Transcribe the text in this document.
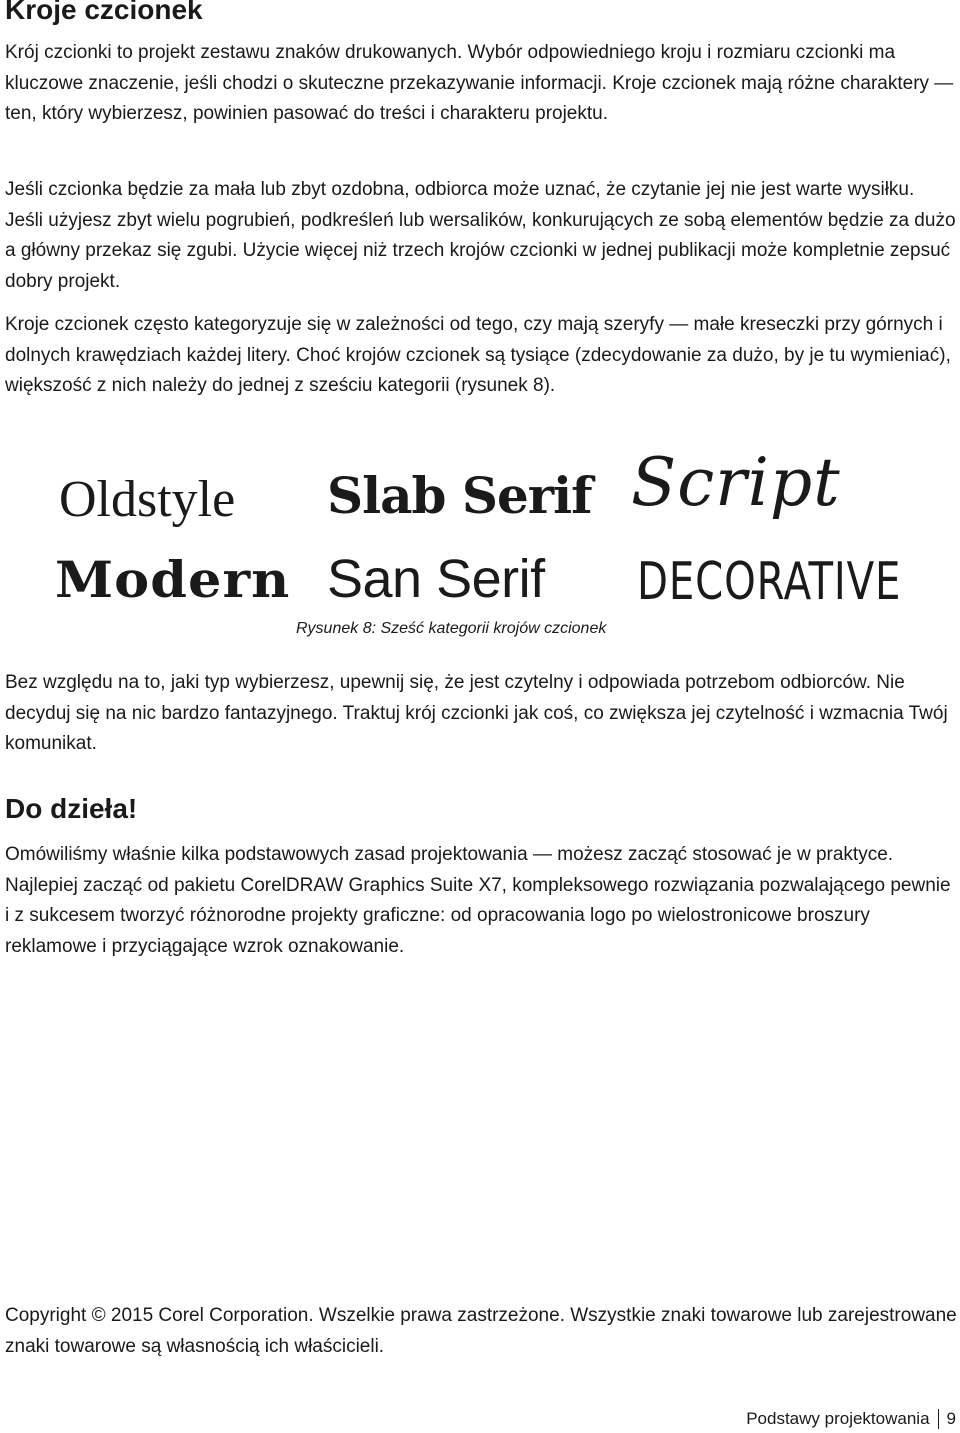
Kroje czcionek

Krój czcionki to projekt zestawu znaków drukowanych. Wybór odpowiedniego kroju i rozmiaru czcionki ma kluczowe znaczenie, jeśli chodzi o skuteczne przekazywanie informacji. Kroje czcionek mają różne charaktery — ten, który wybierzesz, powinien pasować do treści i charakteru projektu.

Jeśli czcionka będzie za mała lub zbyt ozdobna, odbiorca może uznać, że czytanie jej nie jest warte wysiłku. Jeśli użyjesz zbyt wielu pogrubień, podkreśleń lub wersalików, konkurujących ze sobą elementów będzie za dużo a główny przekaz się zgubi. Użycie więcej niż trzech krojów czcionki w jednej publikacji może kompletnie zepsuć dobry projekt.

Kroje czcionek często kategoryzuje się w zależności od tego, czy mają szeryfy — małe kreseczki przy górnych i dolnych krawędziach każdej litery. Choć krojów czcionek są tysiące (zdecydowanie za dużo, by je tu wymieniać), większość z nich należy do jednej z sześciu kategorii (rysunek 8).

Oldstyle Slab Serif Script
Modern San Serif DECORATIVE
Rysunek 8: Sześć kategorii krojów czcionek

Bez względu na to, jaki typ wybierzesz, upewnij się, że jest czytelny i odpowiada potrzebom odbiorców. Nie decyduj się na nic bardzo fantazyjnego. Traktuj krój czcionki jak coś, co zwiększa jej czytelność i wzmacnia Twój komunikat.

Do dzieła!

Omówiliśmy właśnie kilka podstawowych zasad projektowania — możesz zacząć stosować je w praktyce. Najlepiej zacząć od pakietu CorelDRAW Graphics Suite X7, kompleksowego rozwiązania pozwalającego pewnie i z sukcesem tworzyć różnorodne projekty graficzne: od opracowania logo po wielostronicowe broszury reklamowe i przyciągające wzrok oznakowanie.

Copyright © 2015 Corel Corporation. Wszelkie prawa zastrzeżone. Wszystkie znaki towarowe lub zarejestrowane znaki towarowe są własnością ich właścicieli.

Podstawy projektowania 9
